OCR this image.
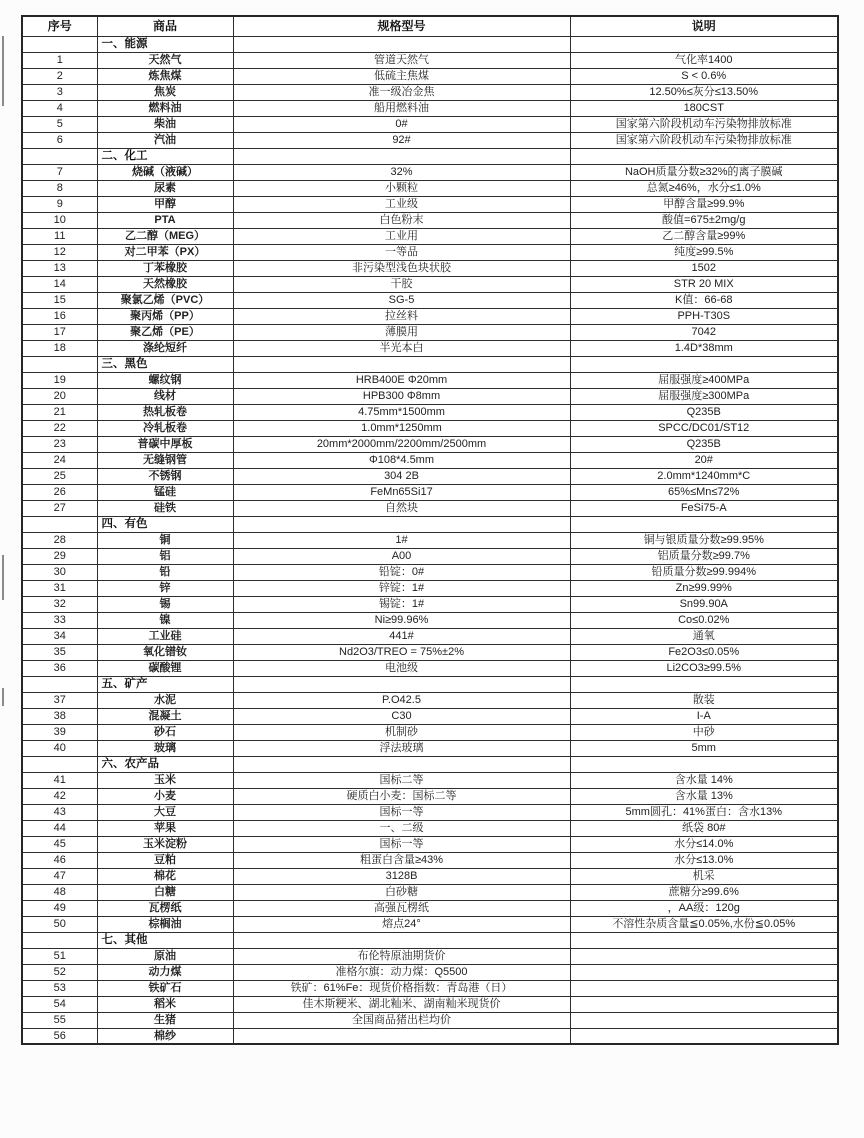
序号	商品	规格型号	说明
	一、能源		
1	天然气	管道天然气	气化率1400
2	炼焦煤	低硫主焦煤	S < 0.6%
3	焦炭	准一级冶金焦	12.50%≤灰分≤13.50%
4	燃料油	船用燃料油	180CST
5	柴油	0#	国家第六阶段机动车污染物排放标准
6	汽油	92#	国家第六阶段机动车污染物排放标准
	二、化工		
7	烧碱（液碱）	32%	NaOH质量分数≥32%的离子膜碱
8	尿素	小颗粒	总氮≥46%，水分≤1.0%
9	甲醇	工业级	甲醇含量≥99.9%
10	PTA	白色粉末	酸值=675±2mg/g
11	乙二醇（MEG）	工业用	乙二醇含量≥99%
12	对二甲苯（PX）	一等品	纯度≥99.5%
13	丁苯橡胶	非污染型浅色块状胶	1502
14	天然橡胶	干胶	STR 20 MIX
15	聚氯乙烯（PVC）	SG-5	K值：66-68
16	聚丙烯（PP）	拉丝料	PPH-T30S
17	聚乙烯（PE）	薄膜用	7042
18	涤纶短纤	半光本白	1.4D*38mm
	三、黑色		
19	螺纹钢	HRB400E Φ20mm	屈服强度≥400MPa
20	线材	HPB300 Φ8mm	屈服强度≥300MPa
21	热轧板卷	4.75mm*1500mm	Q235B
22	冷轧板卷	1.0mm*1250mm	SPCC/DC01/ST12
23	普碳中厚板	20mm*2000mm/2200mm/2500mm	Q235B
24	无缝钢管	Φ108*4.5mm	20#
25	不锈钢	304 2B	2.0mm*1240mm*C
26	锰硅	FeMn65Si17	65%≤Mn≤72%
27	硅铁	自然块	FeSi75-A
	四、有色		
28	铜	1#	铜与银质量分数≥99.95%
29	铝	A00	铝质量分数≥99.7%
30	铅	铅锭：0#	铅质量分数≥99.994%
31	锌	锌锭：1#	Zn≥99.99%
32	锡	锡锭：1#	Sn99.90A
33	镍	Ni≥99.96%	Co≤0.02%
34	工业硅	441#	通氧
35	氧化镨钕	Nd2O3/TREO = 75%±2%	Fe2O3≤0.05%
36	碳酸锂	电池级	Li2CO3≥99.5%
	五、矿产		
37	水泥	P.O42.5	散装
38	混凝土	C30	I-A
39	砂石	机制砂	中砂
40	玻璃	浮法玻璃	5mm
	六、农产品		
41	玉米	国标二等	含水量 14%
42	小麦	硬质白小麦：国标二等	含水量 13%
43	大豆	国标一等	5mm圆孔：41%蛋白：含水13%
44	苹果	一、二级	纸袋 80#
45	玉米淀粉	国标一等	水分≤14.0%
46	豆粕	粗蛋白含量≥43%	水分≤13.0%
47	棉花	3128B	机采
48	白糖	白砂糖	蔗糖分≥99.6%
49	瓦楞纸	高强瓦楞纸	，AA级：120g
50	棕榈油	熔点24°	不溶性杂质含量≦0.05%,水份≦0.05%
	七、其他		
51	原油	布伦特原油期货价	
52	动力煤	准格尔旗：动力煤：Q5500	
53	铁矿石	铁矿：61%Fe：现货价格指数：青岛港（日）	
54	稻米	佳木斯粳米、湖北籼米、湖南籼米现货价	
55	生猪	全国商品猪出栏均价	
56	棉纱		
